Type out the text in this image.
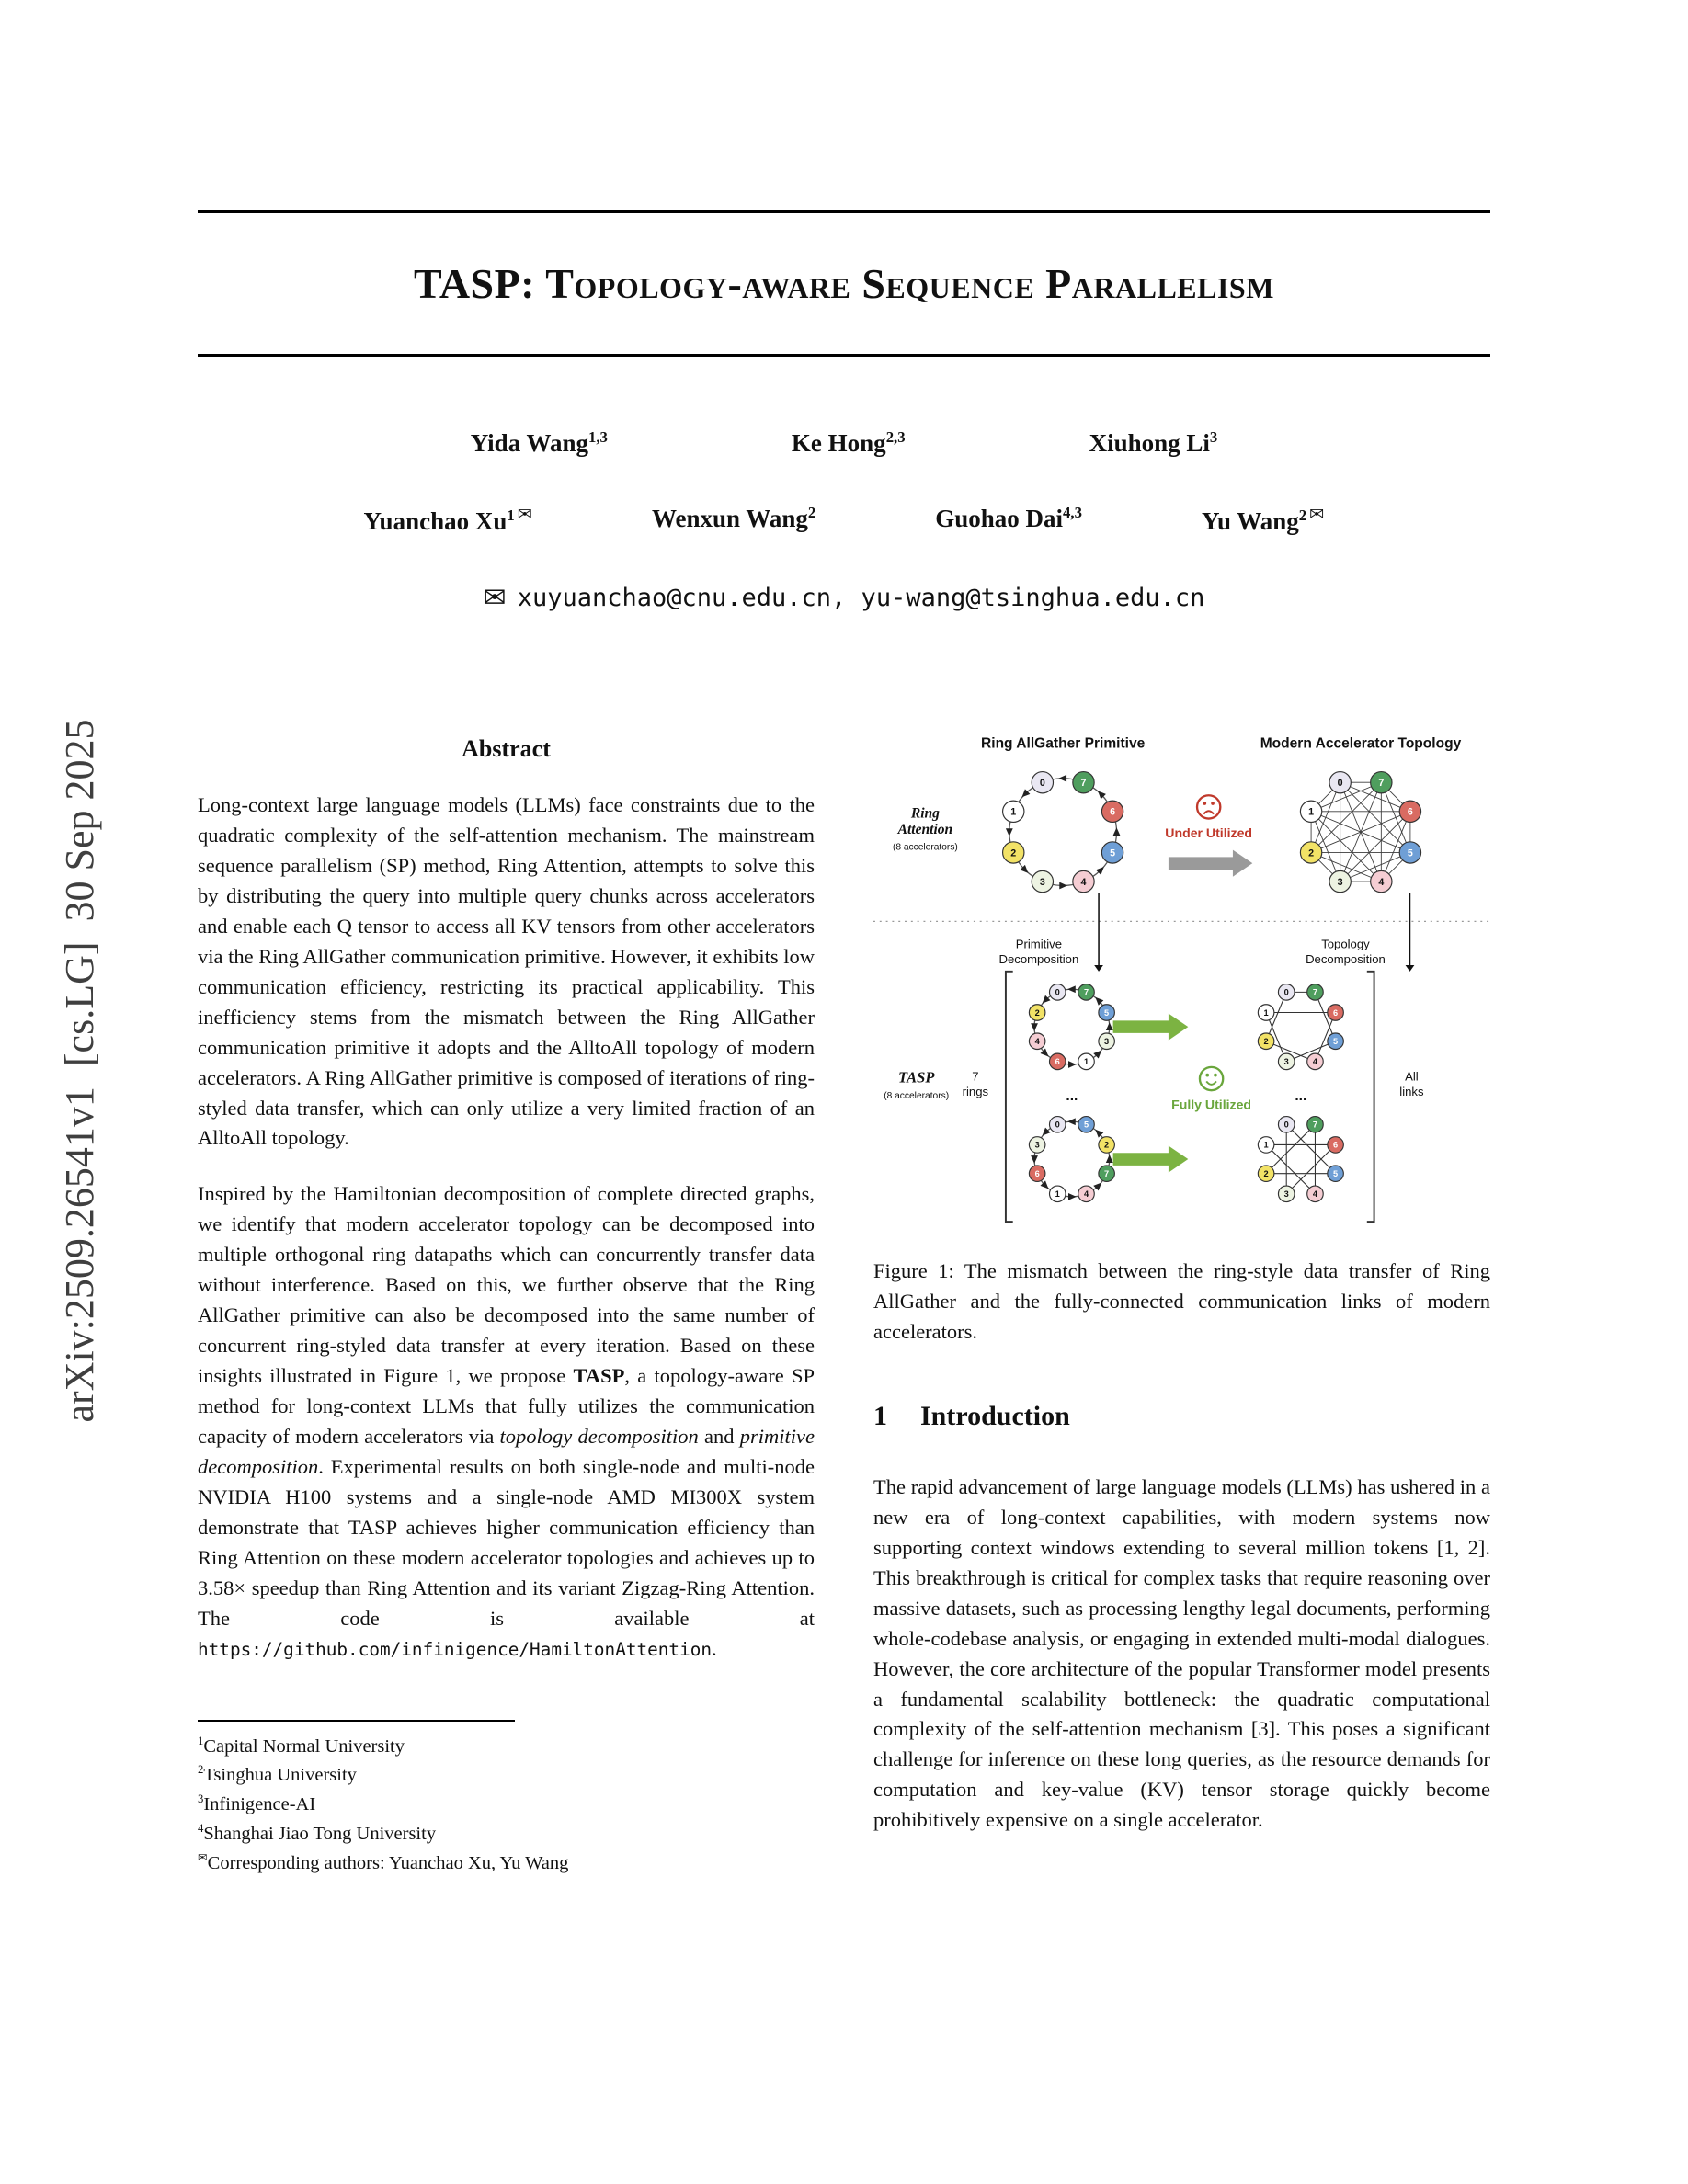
arXiv:2509.26541v1  [cs.LG]  30 Sep 2025
TASP: Topology-aware Sequence Parallelism
Yida Wang$^{1,3}$	Ke Hong$^{2,3}$	Xiuhong Li$^3$
Yuanchao Xu$^1$ ✉	Wenxun Wang$^2$	Guohao Dai$^{4,3}$	Yu Wang$^2$ ✉
✉ xuyuanchao@cnu.edu.cn, yu-wang@tsinghua.edu.cn
Abstract

Long-context large language models (LLMs) face constraints due to the quadratic complexity of the self-attention mechanism. The mainstream sequence parallelism (SP) method, Ring Attention, attempts to solve this by distributing the query into multiple query chunks across accelerators and enable each Q tensor to access all KV tensors from other accelerators via the Ring AllGather communication primitive. However, it exhibits low communication efficiency, restricting its practical applicability. This inefficiency stems from the mismatch between the Ring AllGather communication primitive it adopts and the AlltoAll topology of modern accelerators. A Ring AllGather primitive is composed of iterations of ring-styled data transfer, which can only utilize a very limited fraction of an AlltoAll topology.

Inspired by the Hamiltonian decomposition of complete directed graphs, we identify that modern accelerator topology can be decomposed into multiple orthogonal ring datapaths which can concurrently transfer data without interference. Based on this, we further observe that the Ring AllGather primitive can also be decomposed into the same number of concurrent ring-styled data transfer at every iteration. Based on these insights illustrated in Figure 1, we propose TASP, a topology-aware SP method for long-context LLMs that fully utilizes the communication capacity of modern accelerators via topology decomposition and primitive decomposition. Experimental results on both single-node and multi-node NVIDIA H100 systems and a single-node AMD MI300X system demonstrate that TASP achieves higher communication efficiency than Ring Attention on these modern accelerator topologies and achieves up to 3.58× speedup than Ring Attention and its variant Zigzag-Ring Attention. The code is available at https://github.com/infinigence/HamiltonAttention.

$^1$Capital Normal University
$^2$Tsinghua University
$^3$Infinigence-AI
$^4$Shanghai Jiao Tong University
✉Corresponding authors: Yuanchao Xu, Yu Wang
Ring AllGather Primitive	Modern Accelerator Topology
Ring
Attention
(8 accelerators)
0
1
2
3	4
5
6
7	0
1
2
3	4
5
6
7
Under Utilized
Primitive
Decomposition
Topology
Decomposition
TASP
(8 accelerators)
7
rings
0
2
4
6	1
3
5
7
...
0
3
6
1	4
7
2
5
Fully Utilized
0
1
2
3	4
5
6
7
...
0
1
2
3	4
5
6
7
All
links

Figure 1: The mismatch between the ring-style data transfer of Ring AllGather and the fully-connected communication links of modern accelerators.

1 Introduction

The rapid advancement of large language models (LLMs) has ushered in a new era of long-context capabilities, with modern systems now supporting context windows extending to several million tokens [1, 2]. This breakthrough is critical for complex tasks that require reasoning over massive datasets, such as processing lengthy legal documents, performing whole-codebase analysis, or engaging in extended multi-modal dialogues. However, the core architecture of the popular Transformer model presents a fundamental scalability bottleneck: the quadratic computational complexity of the self-attention mechanism [3]. This poses a significant challenge for inference on these long queries, as the resource demands for computation and key-value (KV) tensor storage quickly become prohibitively expensive on a single accelerator.
